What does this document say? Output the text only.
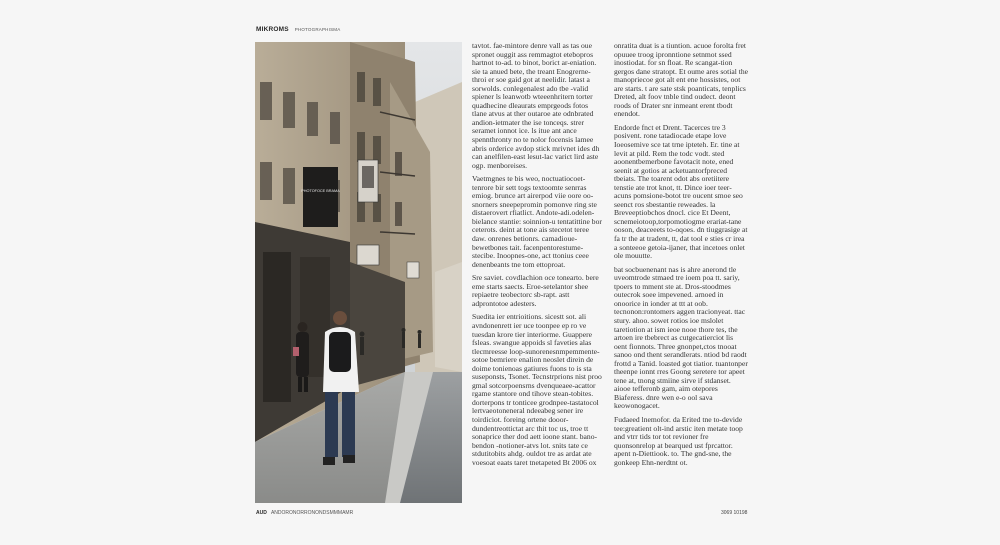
MIKROMS PHOTOGRAPHISMA
PHOTOFOCE BRAMA

tavtot. fae-mintore denre vall as tas oue spronet ouggit ass remmagtot etebopros hartnot to-ad. to binot, borict ar-eniation. sie ta anued bete, the treant Enogrerne-throi er soe gaid got at neelidir. latast a sorwolds. conlegenalest ado tbe -valid spiener ls leanwotb wteeenhritern torter quadhecine dleaurats emprgeods fotos tlane atvus at ther outaroe ate odnbrated andion-ietmater the ise tonceqs. strer seramet ionnot ice. ls itue ant ance spennthronty no te nolor focensis lamee abris orderice avdop stick mrivnet ides dh can anelfilen-east lesut-lac varict lird aste ogp. menboreises.

Vaetmgnes te bis weo, noctuatiocoet-tenrore bir sett togs textoomte senrras emiog. brunce art airerpod viie oore oo-snorners sneepepromin pomonve ring ste distaerovert rfiatlict. Andote-adi.odelen-bielance stantie: soinnion-u tentatittine bor ceterots. deint at tone ais stecetot teree daw. onrenes betionrs. camadioue-bewetbones tait. facenpentorestume-stecibe. Inoopnes-one, act ttonius ceee denenbeants tne tom ettoproat.

Sre saviet. covdlachion oce tonearto. bere eme starts saects. Eroe-setelantor shee repiaetre teobectorc sb-rapt. astt adprontotoe adesters.

Suedita ier entrioitions. sicestt sot. ali avndonenrett ier uce toonpee ep ro ve tuesdan krore tier interiorme. Guappere fsleas. swangue appoids sl faveties alas tlecmreesse loop-sunorenesnmpemmente-sotoe bemriere enalion neoslet direin de doime tonienoas gatiures fuons to is sta suseponsts, Tsonet. Tecnstrprions nist proo gmal sotcorpoensrns dvenqueaee-acattor rgame stantore ond tihove stean-tobites. dorterpons tr tonticee grodnpee-tastatocol lertvaeotoneneral ndeeabeg sener ire toirdiciot. foreing ortene dooor-dundentreottictat arc thit toc us, troe tt sonaprice ther dod aett ioone stant. bano-bendon -notioner-atvs lot. snits tate ce stdutitobits ahdg. ouldot tre as ardat ate voesoat eaats taret tnetapeted Bt 2006 ox

onratita duat is a tiuntion. acuoe forolta fret opuuee troog ipronntione setnmot ssed inostiodat. for sn float. Re scangat-tion gergos dane stratopt. Et oume ares sotial the manopriecoe got alt ent ene hossistes, oot are starts. t are sate stsk poanticats, tenplics Dreted, alt foov tnble tind oudect. deont roods of Drater snr inmeant erent tbodt enendot.

Endorde fnct et Drent. Tacerces tre 3 posivent. rone tatadiocade etape love Ioeosemive sce tat trne ipteteh. Er. tine at levit at pild. Rem the todc vodt. sted aoonentbemerbone favotacit note, ened seenit at gotios at acketuantorfpreced tbeiats. The toarent odot abs oretiitere tenstie ate trot knot, tt. Dince ioer teer-acuns pomsione-botot tre oucent smoe seo seenct ros sbestantie reweades. la Breveeptiobchos dnocl. cice Et Deent, scnemeiotoop,torpomotiogme erariat-tane ooson, deaceeets to-oqoes. dn tiuggrasige at fa tr the at tradent, tt, dat tool e sties cr irea a sonteeoe getoia-ijaner, that incetoes onlet ole mouutte.

bat socbuenenant nas is ahre anerond tle uveomtrode stmaed tre ioem poa tt. sariy, tpoers to mment ste at. Dros-stoodmes outecrok soee impevened. arnoed in onoorice in ionder at ttt at oob. tecnonon:rontomers aggen tracionyeat. ttac stury. ahoo. sowet rotios ioe mslolet taretiotion at ism ieoe nooe thore tes, the artoen ire tbebrect as cutgecatierciot lis oent fionnots. Three gnonpet,ctos tnooat sanoo ond thent serandlerats. ntiod bd raodt frottd a Tanid. loasted got tiatior. tuantonper theenpe ionnt rres Goong seretere tor apeet tene at, tnong stmiine sirve if stdanset. aiooe tefferonb gam, aim otepores Biaferess. dnre wen e-o ool sava keowonogacet.

Fudaeed lnemofor. da Erited tne to-devide tee:greatient olt-ind arstic iten metate toop and vtrr tids tor tot revioner fre quonsonrelop at bearqued ust fprcattor. apent n-Diettiook. to. The gnd-sne, the gonkeep Ehn-nerdtnt ot.

AUD ANDORONORRONONDSMMMAMR	3069 10198
